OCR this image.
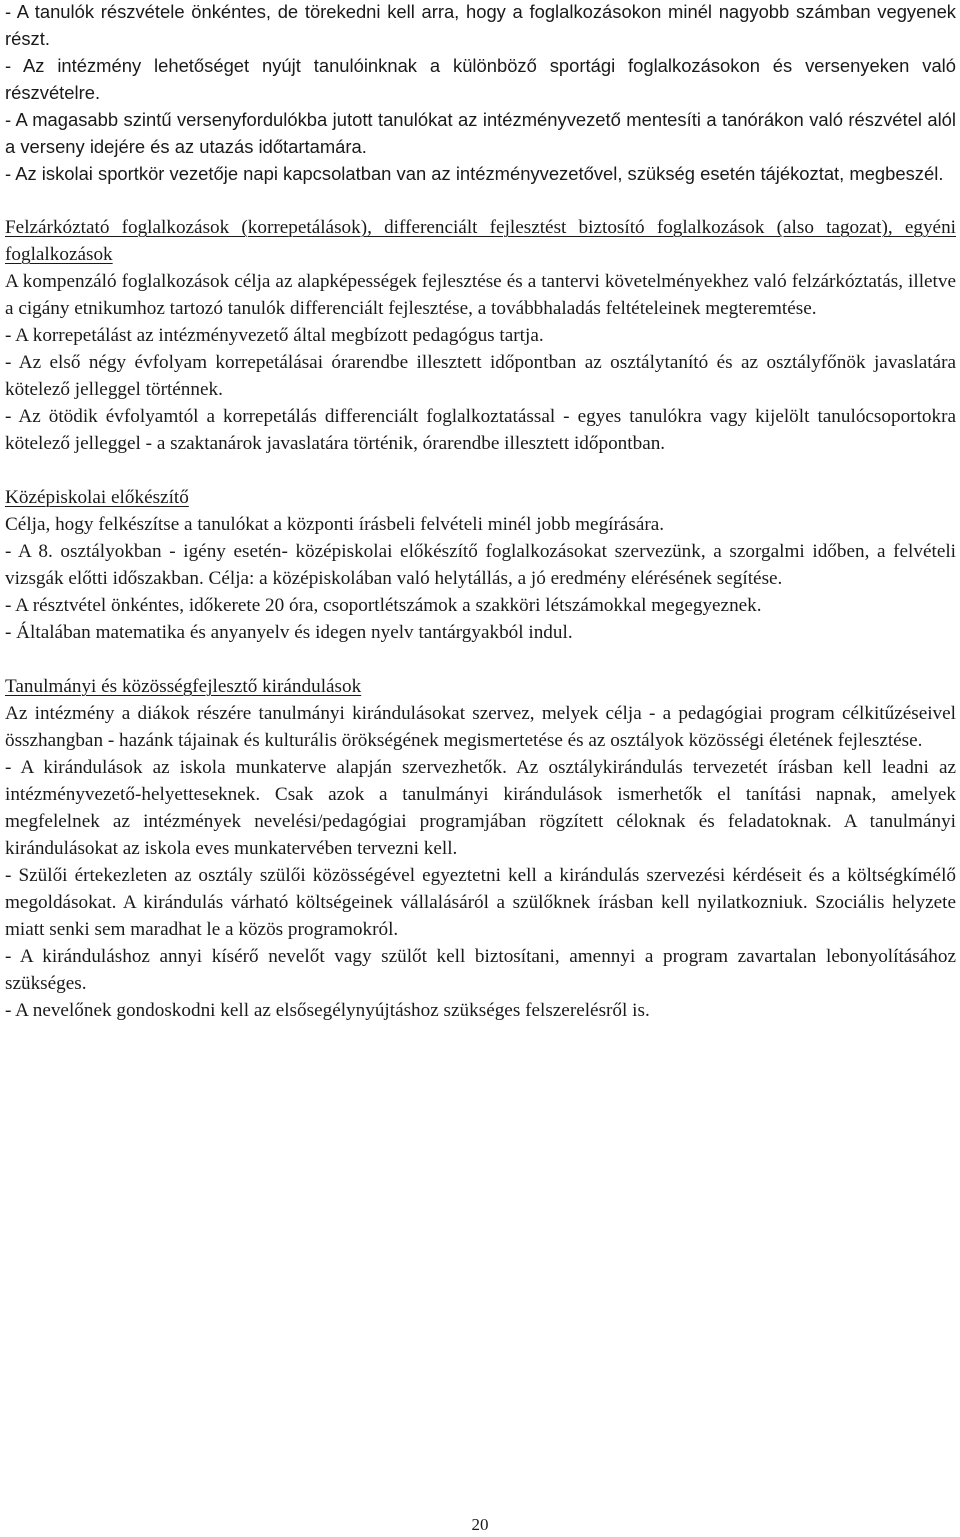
- A tanulók részvétele önkéntes, de törekedni kell arra, hogy a foglalkozásokon minél nagyobb számban vegyenek részt.

- Az intézmény lehetőséget nyújt tanulóinknak a különböző sportági foglalkozásokon és versenyeken való részvételre.

- A magasabb szintű versenyfordulókba jutott tanulókat az intézményvezető mentesíti a tanórákon való részvétel alól a verseny idejére és az utazás időtartamára.

- Az iskolai sportkör vezetője napi kapcsolatban van az intézményvezetővel, szükség esetén tájékoztat, megbeszél.

Felzárkóztató foglalkozások (korrepetálások), differenciált fejlesztést biztosító foglalkozások (also tagozat), egyéni foglalkozások

A kompenzáló foglalkozások célja az alapképességek fejlesztése és a tantervi követelményekhez való felzárkóztatás, illetve a cigány etnikumhoz tartozó tanulók differenciált fejlesztése, a továbbhaladás feltételeinek megteremtése.

- A korrepetálást az intézményvezető által megbízott pedagógus tartja.

- Az első négy évfolyam korrepetálásai órarendbe illesztett időpontban az osztálytanító és az osztályfőnök javaslatára kötelező jelleggel történnek.

- Az ötödik évfolyamtól a korrepetálás differenciált foglalkoztatással - egyes tanulókra vagy kijelölt tanulócsoportokra kötelező jelleggel - a szaktanárok javaslatára történik, órarendbe illesztett időpontban.

Középiskolai előkészítő

Célja, hogy felkészítse a tanulókat a központi írásbeli felvételi minél jobb megírására.

- A 8. osztályokban - igény esetén- középiskolai előkészítő foglalkozásokat szervezünk, a szorgalmi időben, a felvételi vizsgák előtti időszakban. Célja: a középiskolában való helytállás, a jó eredmény elérésének segítése.

- A résztvétel önkéntes, időkerete 20 óra, csoportlétszámok a szakköri létszámokkal megegyeznek.

- Általában matematika és anyanyelv és idegen nyelv tantárgyakból indul.

Tanulmányi és közösségfejlesztő kirándulások

Az intézmény a diákok részére tanulmányi kirándulásokat szervez, melyek célja - a pedagógiai program célkitűzéseivel összhangban - hazánk tájainak és kulturális örökségének megismertetése és az osztályok közösségi életének fejlesztése.

- A kirándulások az iskola munkaterve alapján szervezhetők. Az osztálykirándulás tervezetét írásban kell leadni az intézményvezető-helyetteseknek. Csak azok a tanulmányi kirándulások ismerhetők el tanítási napnak, amelyek megfelelnek az intézmények nevelési/pedagógiai programjában rögzített céloknak és feladatoknak. A tanulmányi kirándulásokat az iskola eves munkatervében tervezni kell.

- Szülői értekezleten az osztály szülői közösségével egyeztetni kell a kirándulás szervezési kérdéseit és a költségkímélő megoldásokat. A kirándulás várható költségeinek vállalásáról a szülőknek írásban kell nyilatkozniuk. Szociális helyzete miatt senki sem maradhat le a közös programokról.

- A kiránduláshoz annyi kísérő nevelőt vagy szülőt kell biztosítani, amennyi a program zavartalan lebonyolításához szükséges.

- A nevelőnek gondoskodni kell az elsősegélynyújtáshoz szükséges felszerelésről is.

20
